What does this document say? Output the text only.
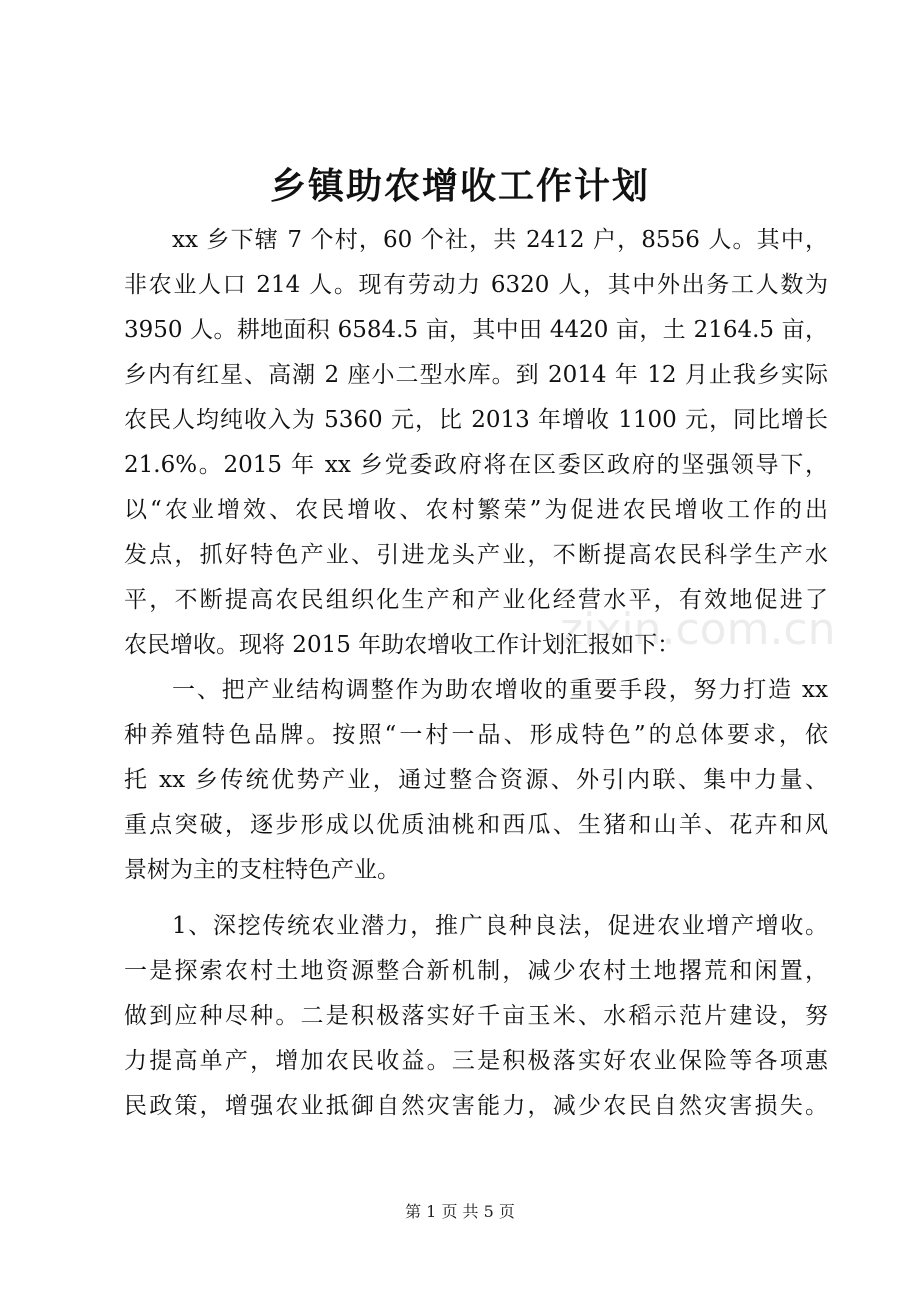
乡镇助农增收工作计划
zixin.com.cn
xx 乡下辖 7 个村，60 个社，共 2412 户，8556 人。其中，
非农业人口 214 人。现有劳动力 6320 人，其中外出务工人数为
3950 人。耕地面积 6584.5 亩，其中田 4420 亩，土 2164.5 亩，
乡内有红星、高潮 2 座小二型水库。到 2014 年 12 月止我乡实际
农民人均纯收入为 5360 元，比 2013 年增收 1100 元，同比增长
21.6%。2015 年 xx 乡党委政府将在区委区政府的坚强领导下，
以“农业增效、农民增收、农村繁荣”为促进农民增收工作的出
发点，抓好特色产业、引进龙头产业，不断提高农民科学生产水
平，不断提高农民组织化生产和产业化经营水平，有效地促进了
农民增收。现将 2015 年助农增收工作计划汇报如下：
一、把产业结构调整作为助农增收的重要手段，努力打造 xx
种养殖特色品牌。按照“一村一品、形成特色”的总体要求，依
托 xx 乡传统优势产业，通过整合资源、外引内联、集中力量、
重点突破，逐步形成以优质油桃和西瓜、生猪和山羊、花卉和风
景树为主的支柱特色产业。
1、深挖传统农业潜力，推广良种良法，促进农业增产增收。
一是探索农村土地资源整合新机制，减少农村土地撂荒和闲置，
做到应种尽种。二是积极落实好千亩玉米、水稻示范片建设，努
力提高单产，增加农民收益。三是积极落实好农业保险等各项惠
民政策，增强农业抵御自然灾害能力，减少农民自然灾害损失。
第 1 页 共 5 页
